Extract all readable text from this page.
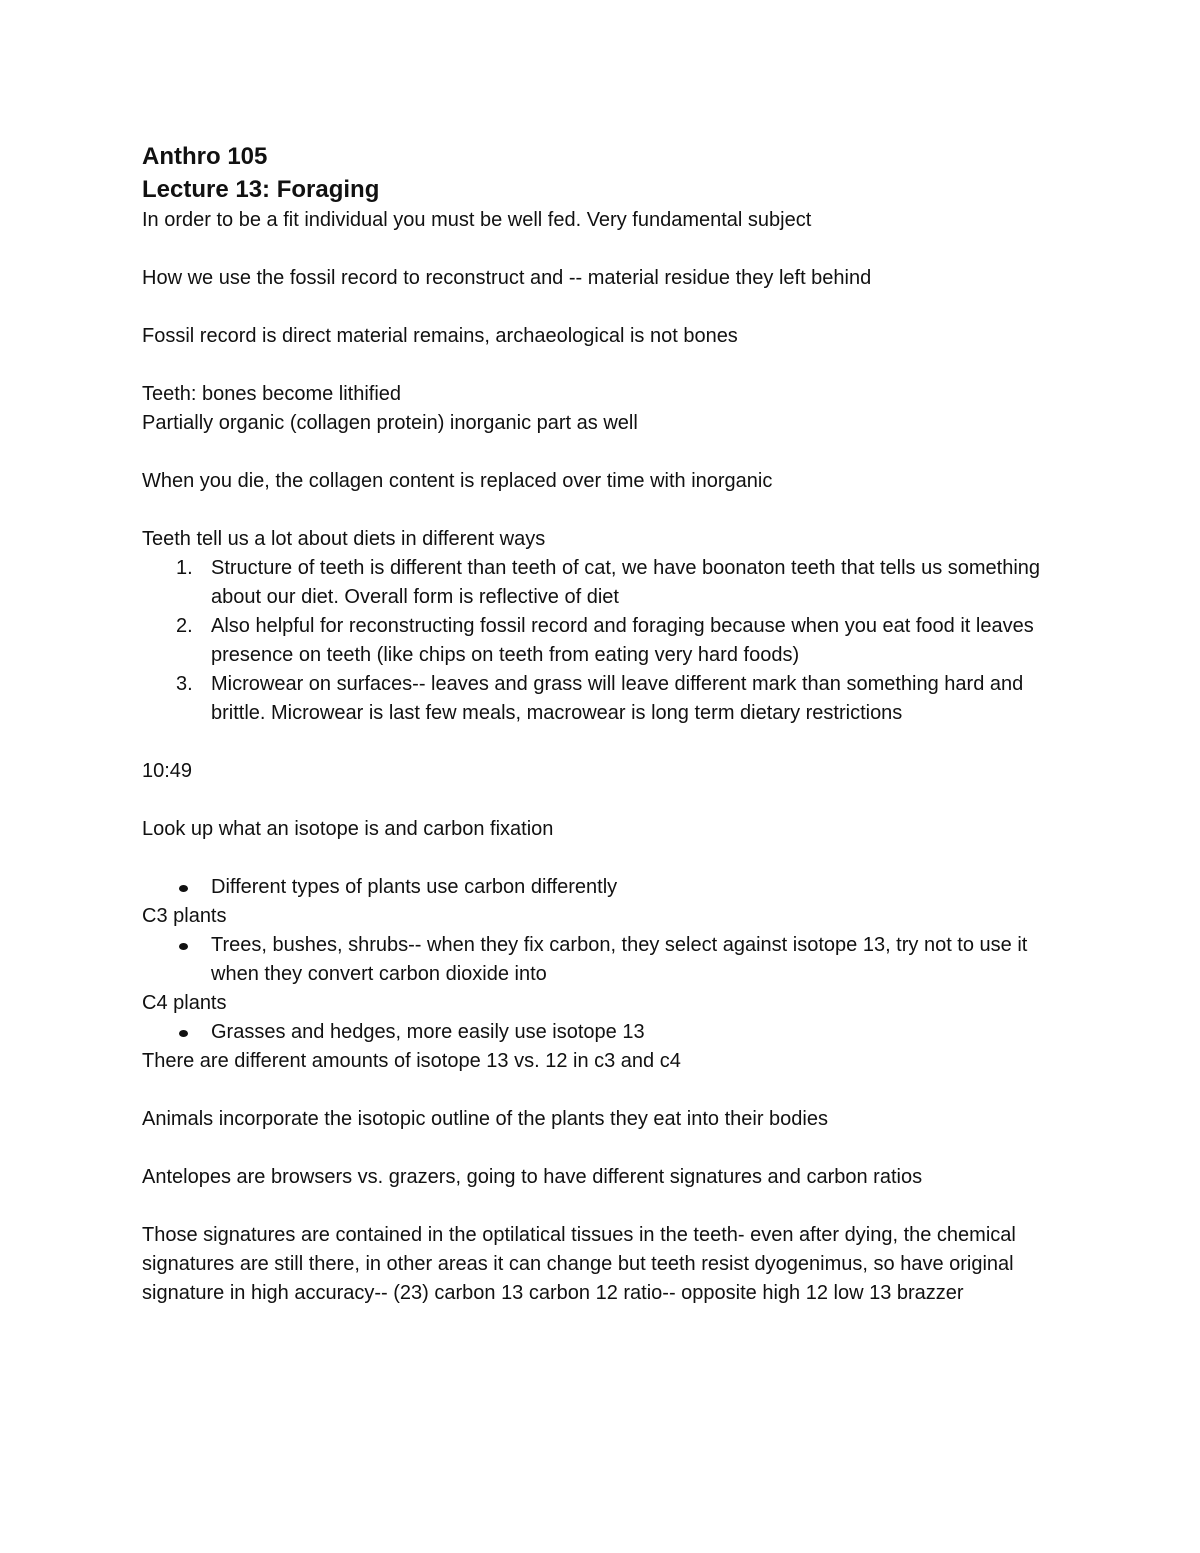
Anthro 105

Lecture 13: Foraging

In order to be a fit individual you must be well fed. Very fundamental subject

How we use the fossil record to reconstruct and -- material residue they left behind

Fossil record is direct material remains, archaeological is not bones

Teeth: bones become lithified

Partially organic (collagen protein) inorganic part as well

When you die, the collagen content is replaced over time with inorganic

Teeth tell us a lot about diets in different ways

1. Structure of teeth is different than teeth of cat, we have boonaton teeth that tells us something about our diet. Overall form is reflective of diet
2. Also helpful for reconstructing fossil record and foraging because when you eat food it leaves presence on teeth (like chips on teeth from eating very hard foods)
3. Microwear on surfaces-- leaves and grass will leave different mark than something hard and brittle. Microwear is last few meals, macrowear is long term dietary restrictions

10:49

Look up what an isotope is and carbon fixation

Different types of plants use carbon differently

C3 plants

Trees, bushes, shrubs-- when they fix carbon, they select against isotope 13, try not to use it when they convert carbon dioxide into

C4 plants

Grasses and hedges, more easily use isotope 13

There are different amounts of isotope 13 vs. 12 in c3 and c4

Animals incorporate the isotopic outline of the plants they eat into their bodies

Antelopes are browsers vs. grazers, going to have different signatures and carbon ratios

Those signatures are contained in the optilatical tissues in the teeth- even after dying, the chemical signatures are still there, in other areas it can change but teeth resist dyogenimus, so have original signature in high accuracy-- (23) carbon 13 carbon 12 ratio-- opposite high 12 low 13 brazzer
